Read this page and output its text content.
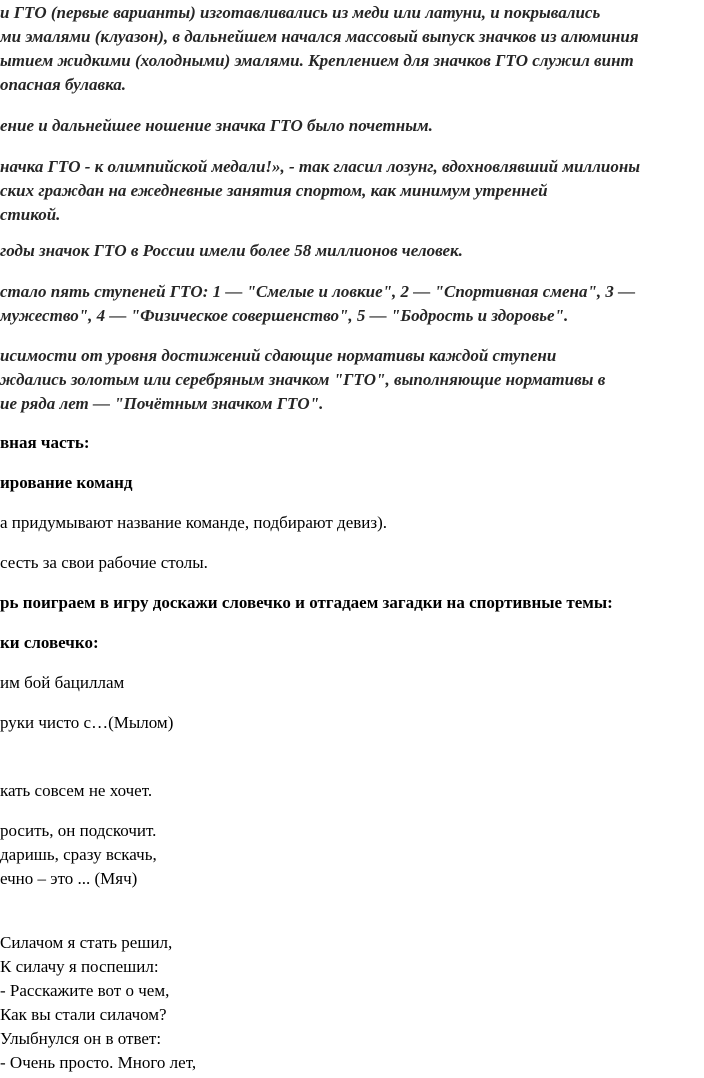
и ГТО (первые варианты) изготавливались из меди или латуни, и покрывались
ми эмалями (клуазон), в дальнейшем начался массовый выпуск значков из алюминия
ытием жидкими (холодными) эмалями. Креплением для значков ГТО служил винт
опасная булавка.
ение и дальнейшее ношение значка ГТО было почетным.
начка ГТО - к олимпийской медали!», - так гласил лозунг, вдохновлявший миллионы
ских граждан на ежедневные занятия спортом, как минимум утренней
стикой.
годы значок ГТО в России имели более 58 миллионов человек.
стало пять ступеней ГТО: 1 — "Смелые и ловкие", 2 — "Спортивная смена", 3 —
мужество", 4 — "Физическое совершенство", 5 — "Бодрость и здоровье".
исимости от уровня достижений сдающие нормативы каждой ступени
ждались золотым или серебряным значком "ГТО", выполняющие нормативы в
ие ряда лет — "Почётным значком ГТО".
вная часть:
ирование команд
а придумывают название команде, подбирают девиз).
сесть за свои рабочие столы.
рь поиграем в игру доскажи словечко и отгадаем загадки на спортивные темы:
ки словечко:
им бой бациллам
руки чисто с…(Мылом)
кать совсем не хочет.
росить, он подскочит.
даришь, сразу вскачь,
ечно – это ... (Мяч)
Силачом я стать решил,
К силачу я поспешил:
- Расскажите вот о чем,
Как вы стали силачом?
Улыбнулся он в ответ:
- Очень просто. Много лет,
